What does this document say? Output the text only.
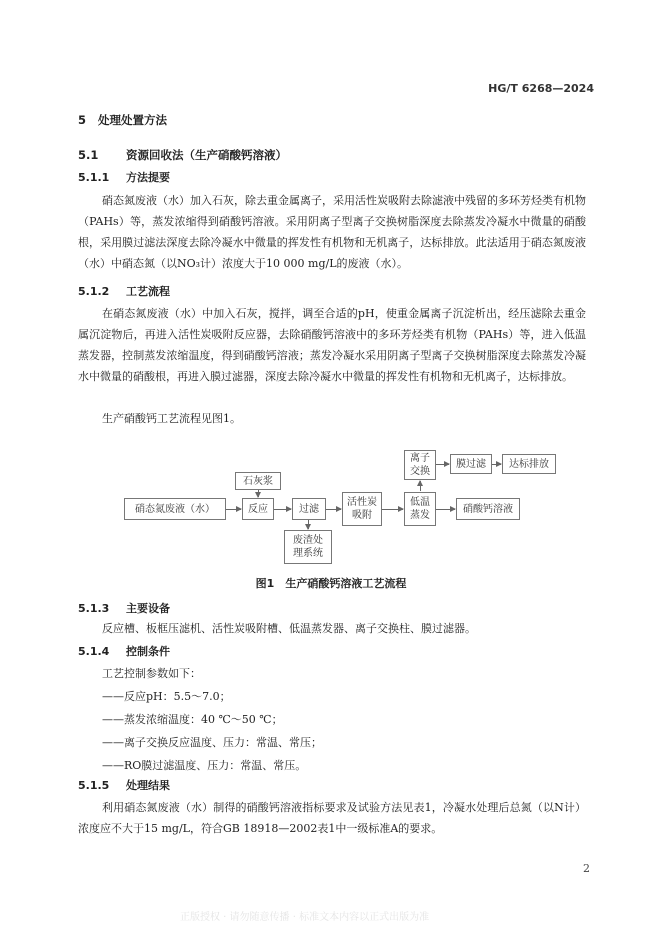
HG/T 6268—2024
5 处理处置方法
5.1 资源回收法（生产硝酸钙溶液）
5.1.1 方法提要
硝态氮废液（水）加入石灰，除去重金属离子，采用活性炭吸附去除滤液中残留的多环芳烃类有机物（PAHs）等，蒸发浓缩得到硝酸钙溶液。采用阴离子型离子交换树脂深度去除蒸发冷凝水中微量的硝酸根，采用膜过滤法深度去除冷凝水中微量的挥发性有机物和无机离子，达标排放。此法适用于硝态氮废液（水）中硝态氮（以NO₃计）浓度大于10 000 mg/L的废液（水）。
5.1.2 工艺流程
在硝态氮废液（水）中加入石灰，搅拌，调至合适的pH，使重金属离子沉淀析出，经压滤除去重金属沉淀物后，再进入活性炭吸附反应器，去除硝酸钙溶液中的多环芳烃类有机物（PAHs）等，进入低温蒸发器，控制蒸发浓缩温度，得到硝酸钙溶液；蒸发冷凝水采用阴离子型离子交换树脂深度去除蒸发冷凝水中微量的硝酸根，再进入膜过滤器，深度去除冷凝水中微量的挥发性有机物和无机离子，达标排放。
生产硝酸钙工艺流程见图1。
硝态氮废液（水）
石灰浆
反应	过滤
废渣处理系统
活性炭吸附
低温蒸发
离子交换
膜过滤	达标排放
硝酸钙溶液
图1　生产硝酸钙溶液工艺流程
5.1.3 主要设备
反应槽、板框压滤机、活性炭吸附槽、低温蒸发器、离子交换柱、膜过滤器。
5.1.4 控制条件
工艺控制参数如下：
——反应pH：5.5～7.0；
——蒸发浓缩温度：40 ℃～50 ℃；
——离子交换反应温度、压力：常温、常压；
——RO膜过滤温度、压力：常温、常压。
5.1.5 处理结果
利用硝态氮废液（水）制得的硝酸钙溶液指标要求及试验方法见表1，冷凝水处理后总氮（以N计）浓度应不大于15 mg/L，符合GB 18918—2002表1中一级标准A的要求。
2
正版授权 · 请勿随意传播 · 标准文本内容以正式出版为准
